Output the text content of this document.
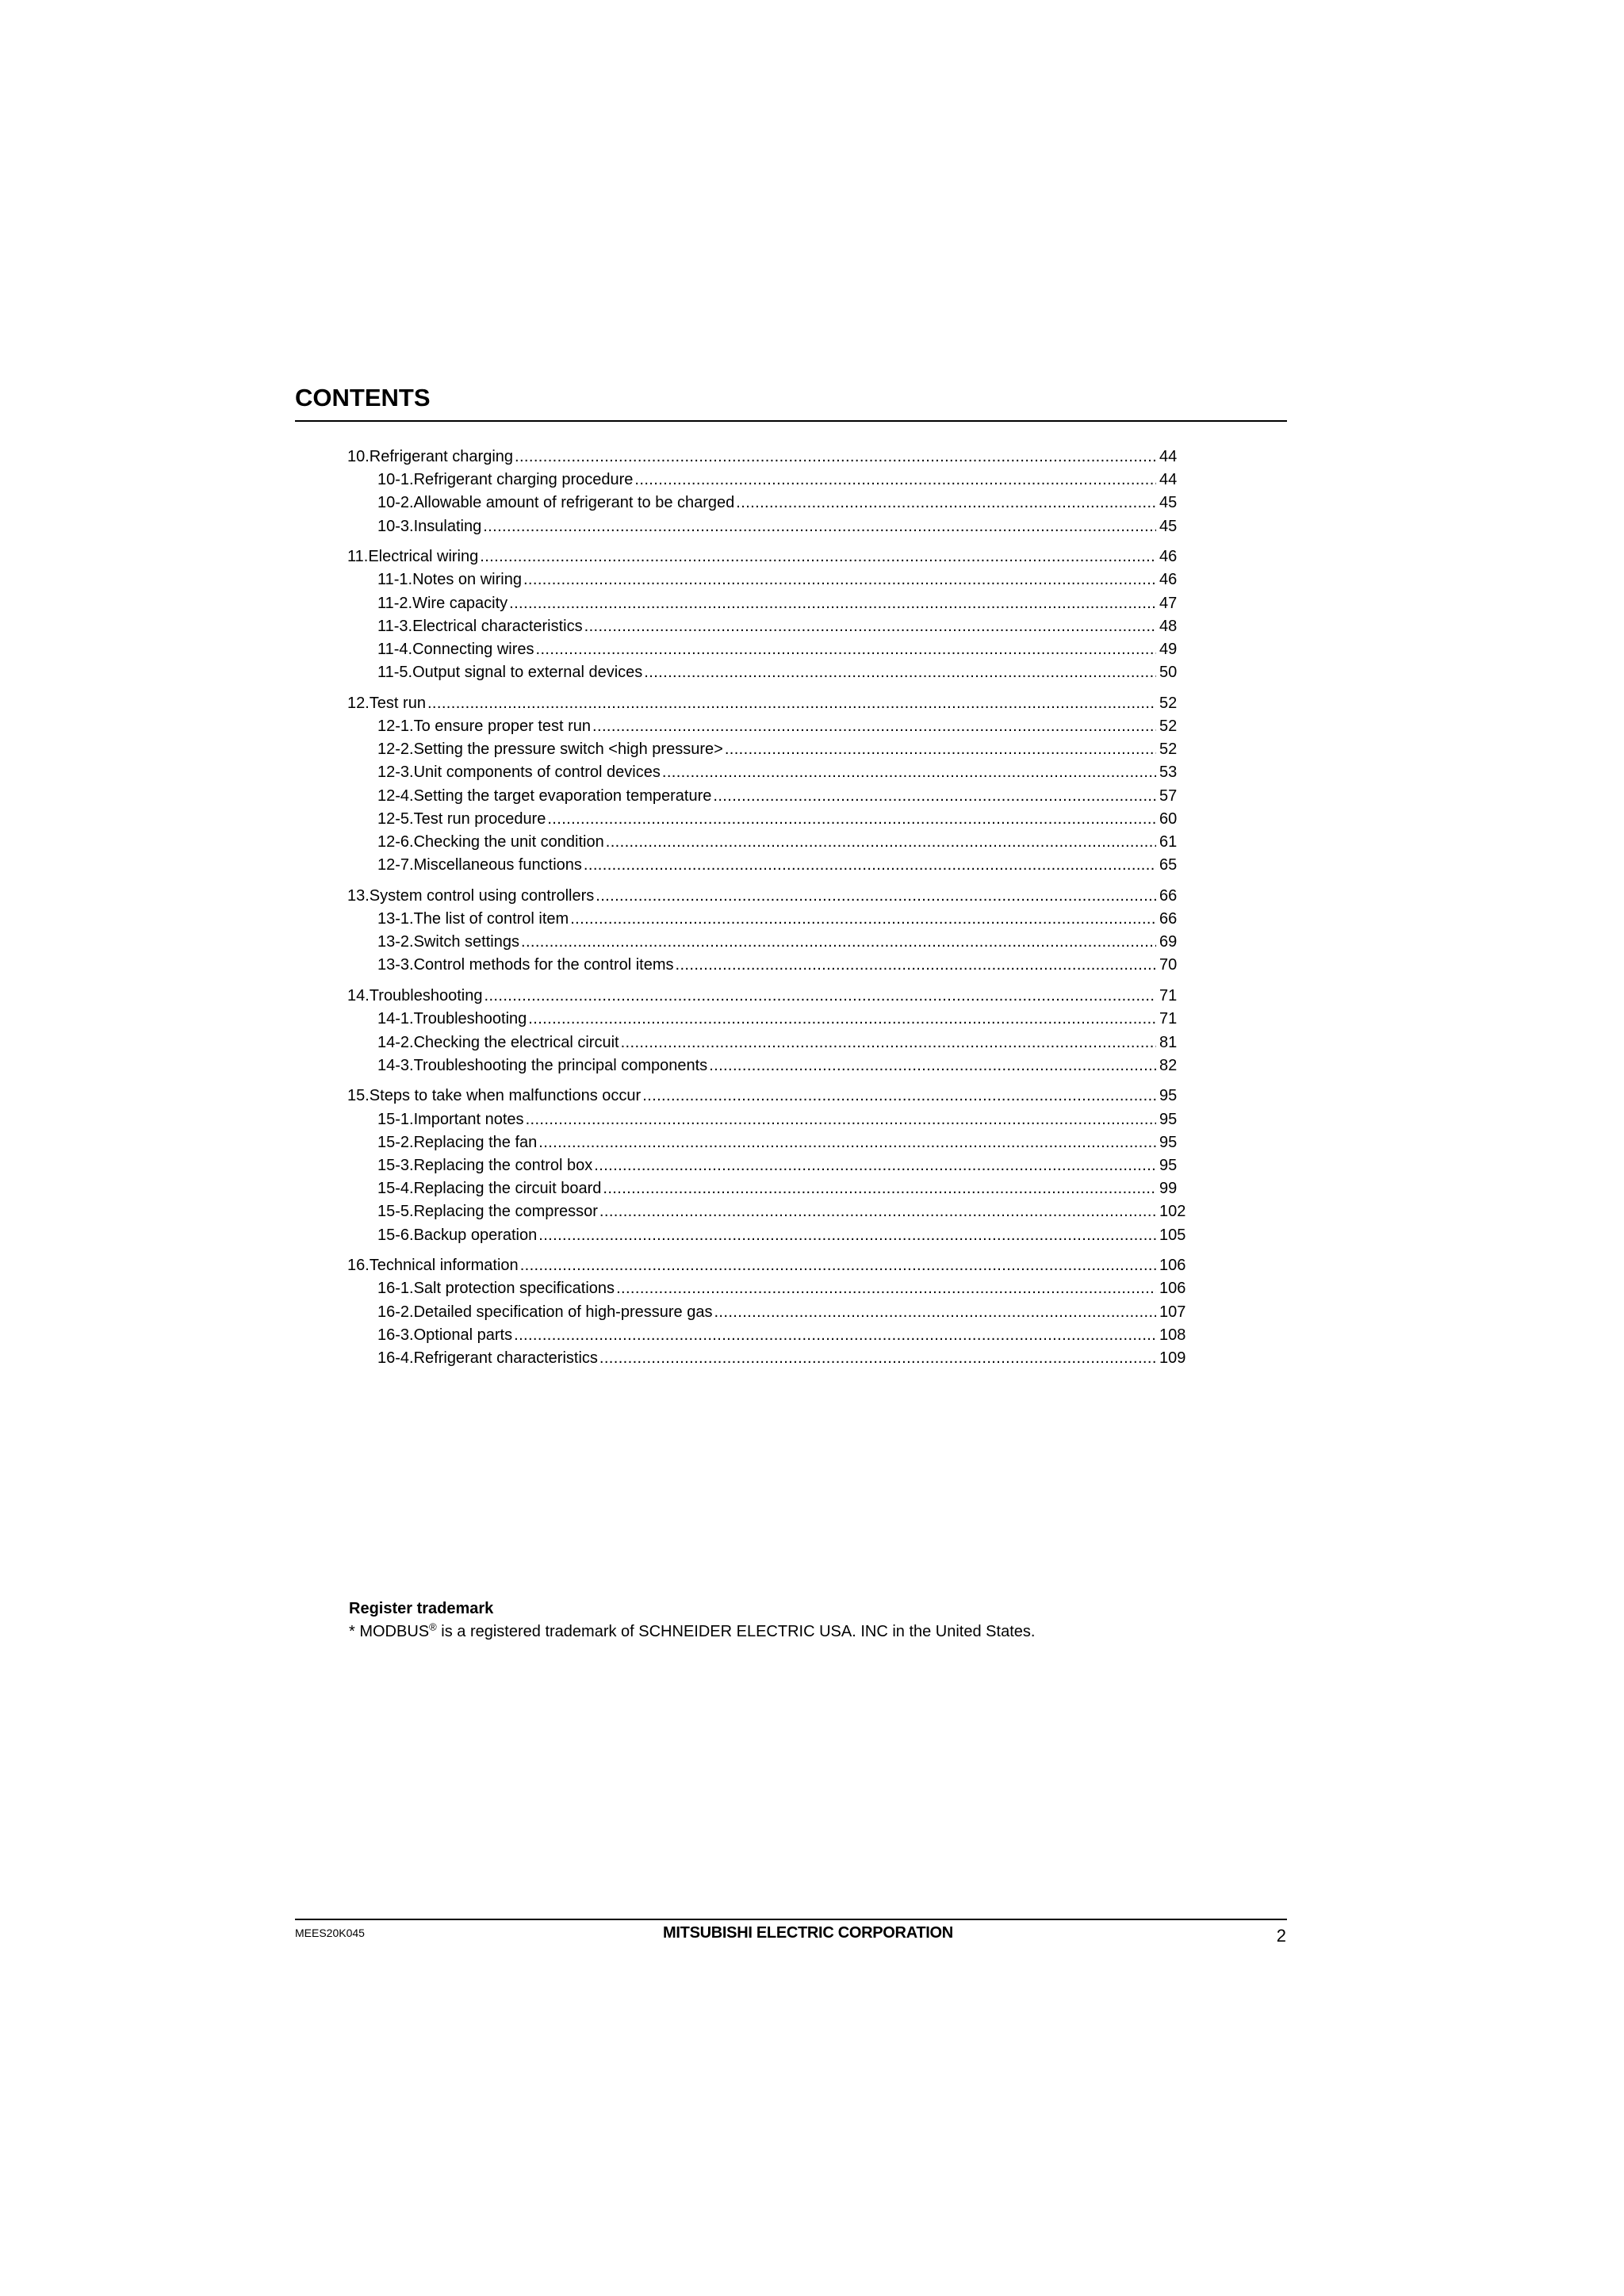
CONTENTS
10.Refrigerant charging .....	44
10-1.Refrigerant charging procedure .....	44
10-2.Allowable amount of refrigerant to be charged .....	45
10-3.Insulating .....	45
11.Electrical wiring .....	46
11-1.Notes on wiring .....	46
11-2.Wire capacity .....	47
11-3.Electrical characteristics .....	48
11-4.Connecting wires .....	49
11-5.Output signal to external devices .....	50
12.Test run .....	52
12-1.To ensure proper test run .....	52
12-2.Setting the pressure switch <high pressure> .....	52
12-3.Unit components of control devices .....	53
12-4.Setting the target evaporation temperature .....	57
12-5.Test run procedure .....	60
12-6.Checking the unit condition .....	61
12-7.Miscellaneous functions .....	65
13.System control using controllers .....	66
13-1.The list of control item .....	66
13-2.Switch settings .....	69
13-3.Control methods for the control items .....	70
14.Troubleshooting .....	71
14-1.Troubleshooting .....	71
14-2.Checking the electrical circuit .....	81
14-3.Troubleshooting the principal components .....	82
15.Steps to take when malfunctions occur .....	95
15-1.Important notes .....	95
15-2.Replacing the fan .....	95
15-3.Replacing the control box .....	95
15-4.Replacing the circuit board .....	99
15-5.Replacing the compressor .....	102
15-6.Backup operation .....	105
16.Technical information .....	106
16-1.Salt protection specifications .....	106
16-2.Detailed specification of high-pressure gas .....	107
16-3.Optional parts .....	108
16-4.Refrigerant characteristics .....	109
Register trademark
* MODBUS® is a registered trademark of SCHNEIDER ELECTRIC USA. INC in the United States.
MEES20K045	MITSUBISHI ELECTRIC CORPORATION	2
